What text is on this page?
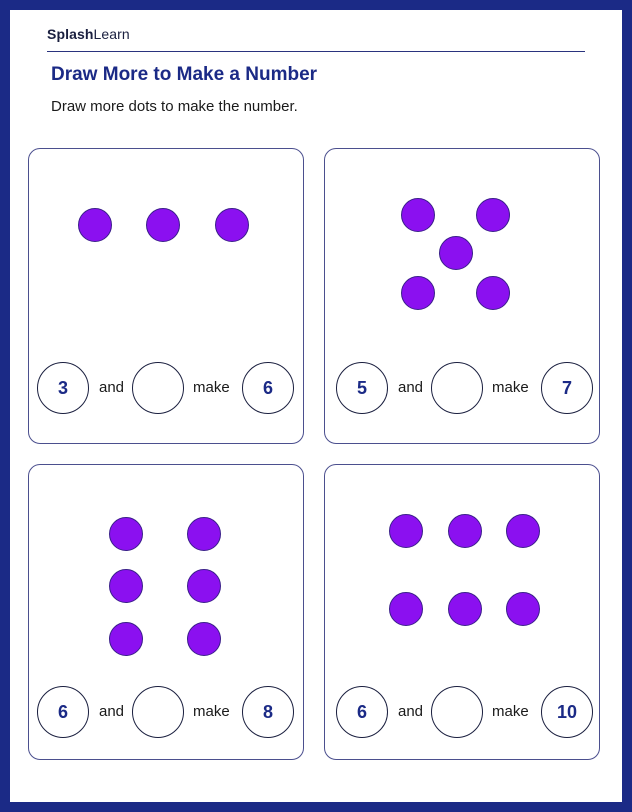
SplashLearn
Draw More to Make a Number
Draw more dots to make the number.
3	and	make	6	5	and	make	7
6	and	make	8	6	and	make	10
